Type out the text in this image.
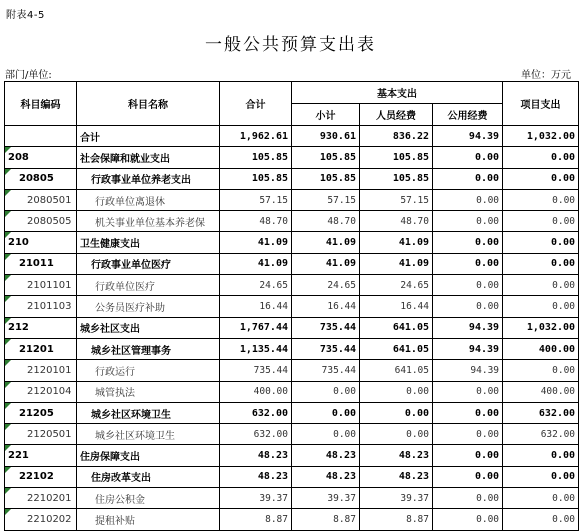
附表4-5
一般公共预算支出表
部门/单位:	单位：万元
科目编码	科目名称	合计	基本支出			项目支出
			小计	人员经费	公用经费	
	合计	1,962.61	930.61	836.22	94.39	1,032.00

208	社会保障和就业支出	105.85	105.85	105.85	0.00	0.00

20805	行政事业单位养老支出	105.85	105.85	105.85	0.00	0.00

2080501	行政单位离退休	57.15	57.15	57.15	0.00	0.00

2080505	机关事业单位基本养老保	48.70	48.70	48.70	0.00	0.00

210	卫生健康支出	41.09	41.09	41.09	0.00	0.00

21011	行政事业单位医疗	41.09	41.09	41.09	0.00	0.00

2101101	行政单位医疗	24.65	24.65	24.65	0.00	0.00

2101103	公务员医疗补助	16.44	16.44	16.44	0.00	0.00

212	城乡社区支出	1,767.44	735.44	641.05	94.39	1,032.00

21201	城乡社区管理事务	1,135.44	735.44	641.05	94.39	400.00

2120101	行政运行	735.44	735.44	641.05	94.39	0.00

2120104	城管执法	400.00	0.00	0.00	0.00	400.00

21205	城乡社区环境卫生	632.00	0.00	0.00	0.00	632.00

2120501	城乡社区环境卫生	632.00	0.00	0.00	0.00	632.00

221	住房保障支出	48.23	48.23	48.23	0.00	0.00

22102	住房改革支出	48.23	48.23	48.23	0.00	0.00

2210201	住房公积金	39.37	39.37	39.37	0.00	0.00

2210202	提租补贴	8.87	8.87	8.87	0.00	0.00
